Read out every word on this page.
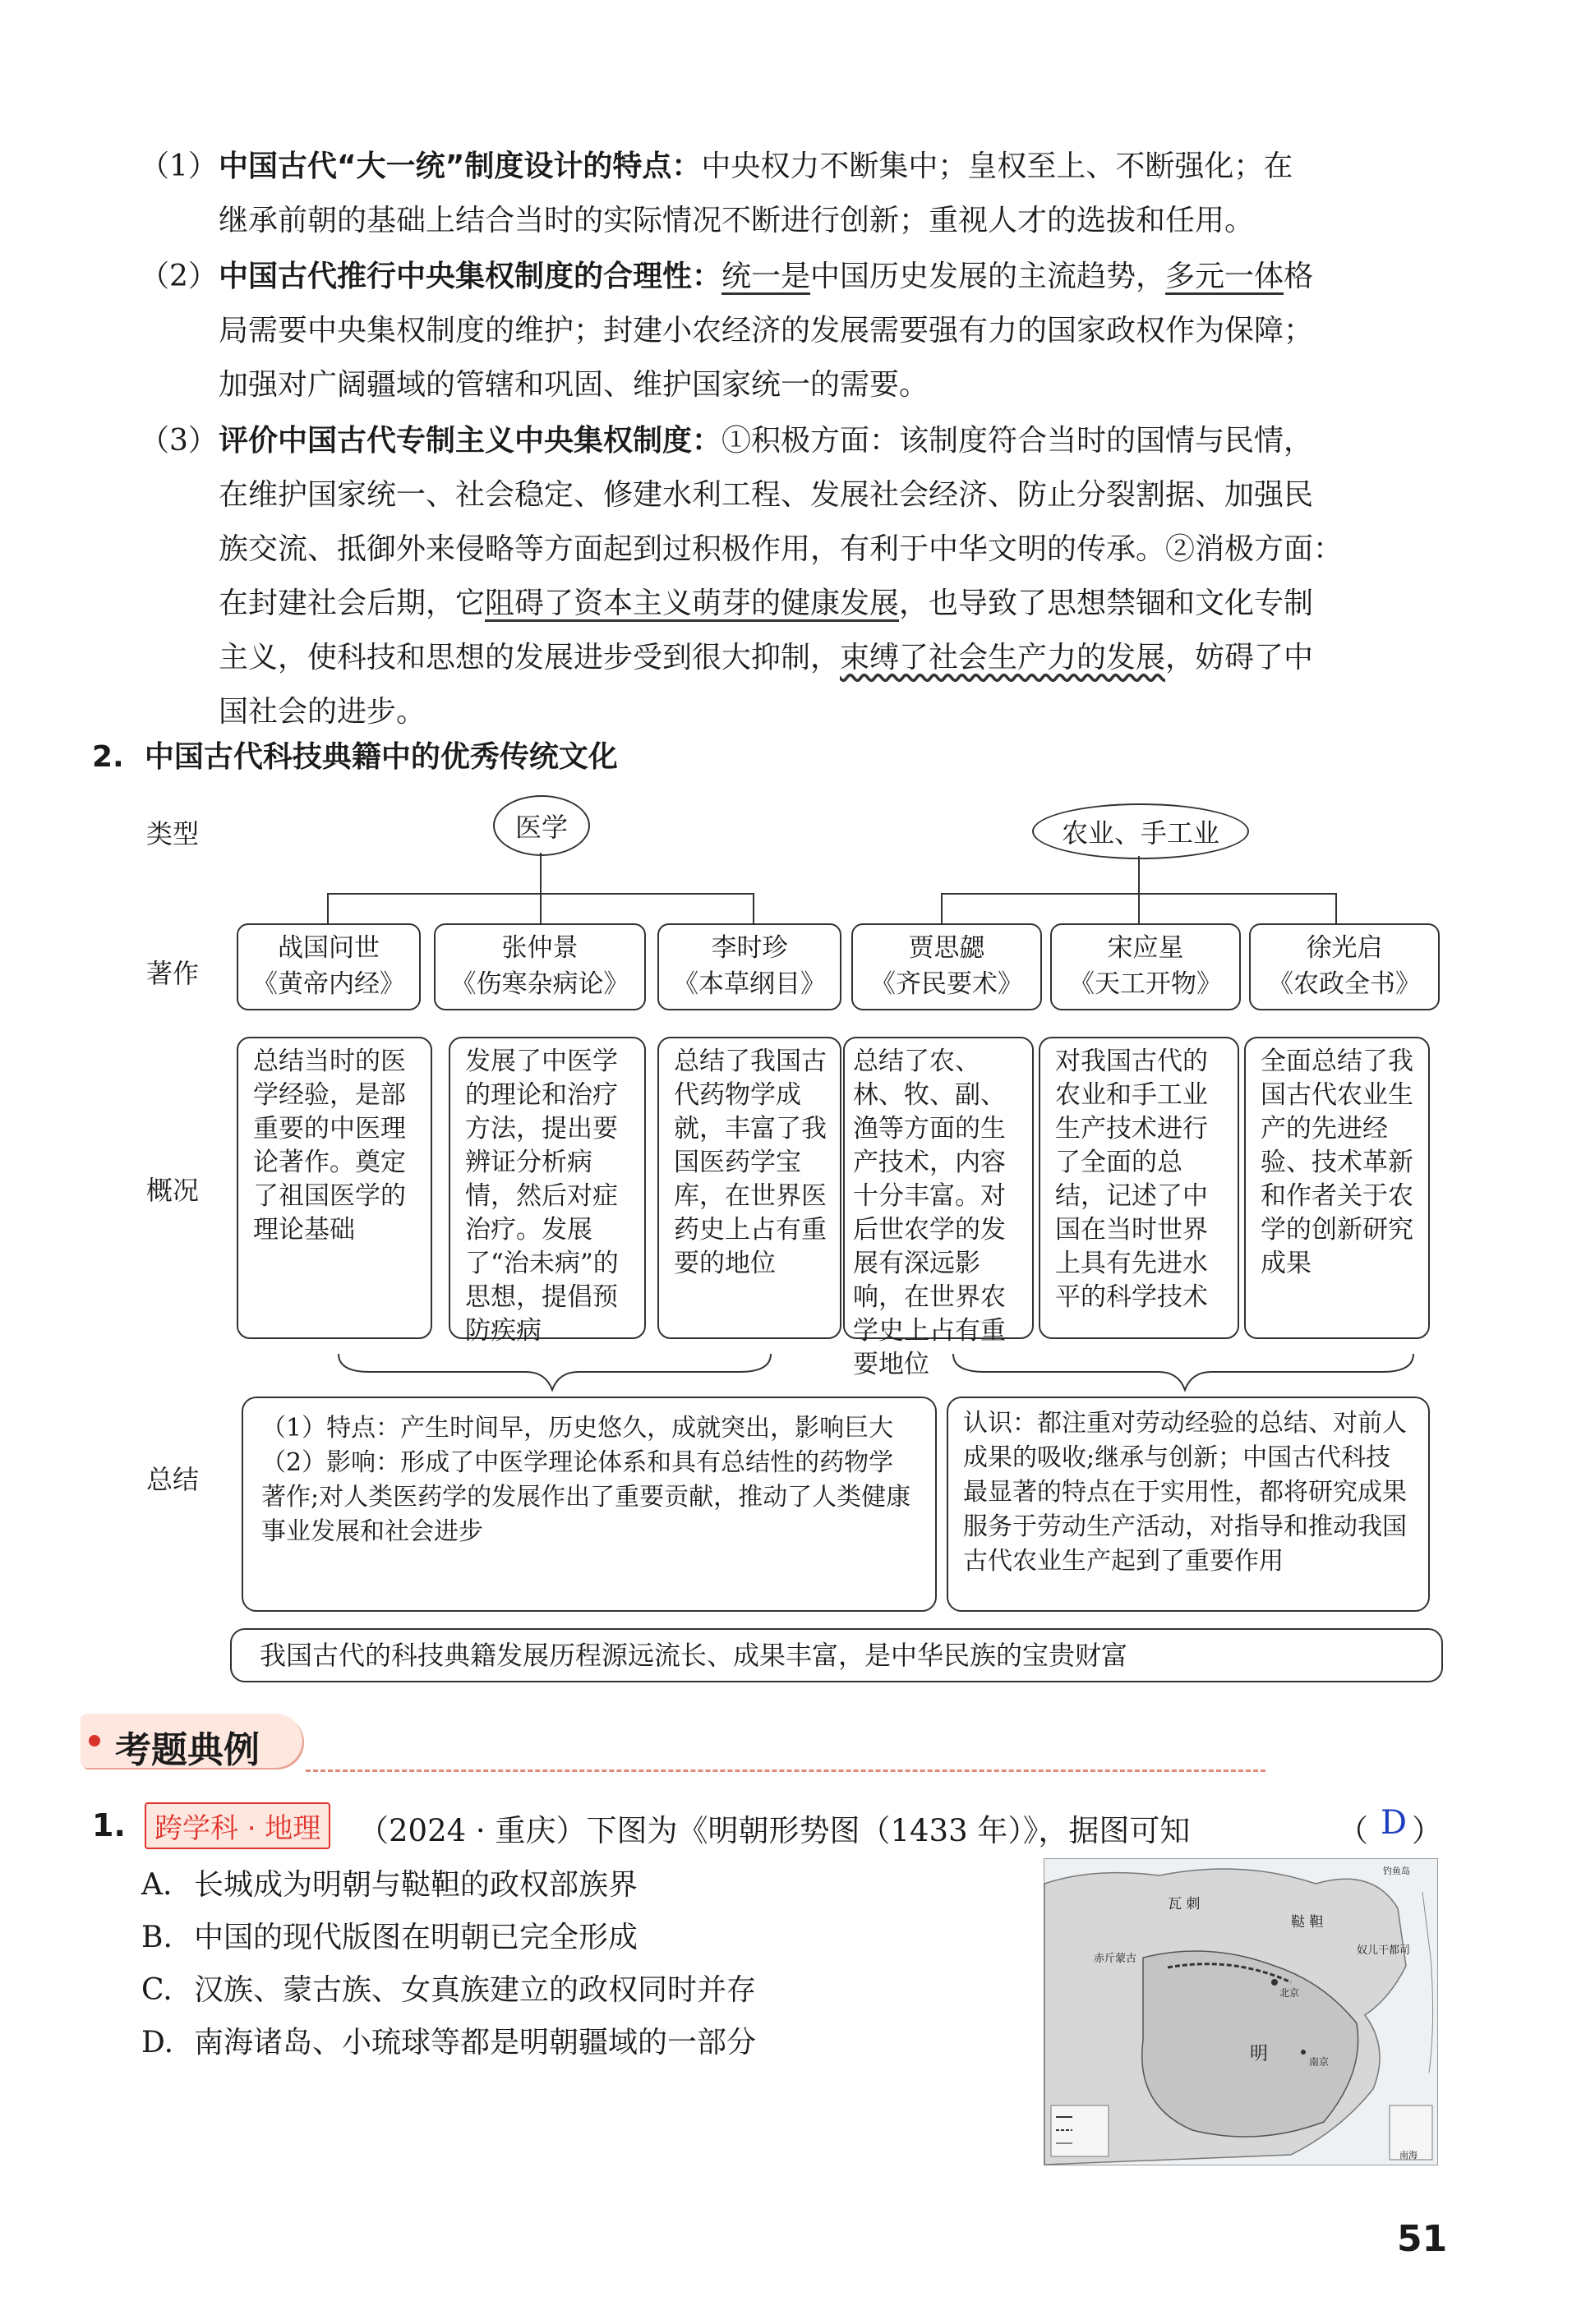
（1）中国古代“大一统”制度设计的特点：中央权力不断集中；皇权至上、不断强化；在
继承前朝的基础上结合当时的实际情况不断进行创新；重视人才的选拔和任用。
（2）中国古代推行中央集权制度的合理性：统一是中国历史发展的主流趋势，多元一体格
局需要中央集权制度的维护；封建小农经济的发展需要强有力的国家政权作为保障；
加强对广阔疆域的管辖和巩固、维护国家统一的需要。
（3）评价中国古代专制主义中央集权制度：①积极方面：该制度符合当时的国情与民情，
在维护国家统一、社会稳定、修建水利工程、发展社会经济、防止分裂割据、加强民
族交流、抵御外来侵略等方面起到过积极作用，有利于中华文明的传承。②消极方面：
在封建社会后期，它阻碍了资本主义萌芽的健康发展，也导致了思想禁锢和文化专制
主义，使科技和思想的发展进步受到很大抑制，束缚了社会生产力的发展，妨碍了中
国社会的进步。
2. 中国古代科技典籍中的优秀传统文化
类型
著作
概况
总结
医学	农业、手工业
战国问世
《黄帝内经》
张仲景
《伤寒杂病论》
李时珍
《本草纲目》
贾思勰
《齐民要术》
宋应星
《天工开物》
徐光启
《农政全书》
总结当时的医学经验，是部重要的中医理论著作。奠定了祖国医学的理论基础
发展了中医学的理论和治疗方法，提出要辨证分析病情，然后对症治疗。发展了“治未病”的思想，提倡预防疾病
总结了我国古代药物学成就，丰富了我国医药学宝库，在世界医药史上占有重要的地位
总结了农、林、牧、副、渔等方面的生产技术，内容十分丰富。对后世农学的发展有深远影响，在世界农学史上占有重要地位
对我国古代的农业和手工业生产技术进行了全面的总结，记述了中国在当时世界上具有先进水平的科学技术
全面总结了我国古代农业生产的先进经验、技术革新和作者关于农学的创新研究成果
（1）特点：产生时间早，历史悠久，成就突出，影响巨大
（2）影响：形成了中医学理论体系和具有总结性的药物学著作;对人类医药学的发展作出了重要贡献，推动了人类健康事业发展和社会进步
认识：都注重对劳动经验的总结、对前人成果的吸收;继承与创新；中国古代科技最显著的特点在于实用性，都将研究成果服务于劳动生产活动，对指导和推动我国古代农业生产起到了重要作用
我国古代的科技典籍发展历程源远流长、成果丰富，是中华民族的宝贵财富
考题典例
1.	跨学科 · 地理	（2024 · 重庆）下图为《明朝形势图（1433 年）》，据图可知	（ D ）
A. 长城成为明朝与鞑靼的政权部族界
B. 中国的现代版图在明朝已完全形成
C. 汉族、蒙古族、女真族建立的政权同时并存
D. 南海诸岛、小琉球等都是明朝疆域的一部分
瓦 刺
鞑 靼
赤斤蒙古
奴儿干都司
明
北京
南京
钓鱼岛
南海
51
